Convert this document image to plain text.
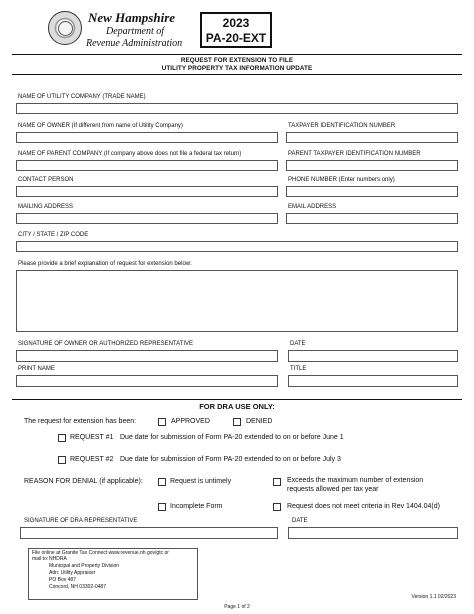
New Hampshire
Department of
Revenue Administration
2023
PA-20-EXT
REQUEST FOR EXTENSION TO FILE
UTILITY PROPERTY TAX INFORMATION UPDATE
NAME OF UTILITY COMPANY (TRADE NAME)
NAME OF OWNER (If different from name of Utility Company)	TAXPAYER IDENTIFICATION NUMBER
NAME OF PARENT COMPANY (If company above does not file a federal tax return)	PARENT TAXPAYER IDENTIFICATION NUMBER
CONTACT PERSON	PHONE NUMBER (Enter numbers only)
MAILING ADDRESS	EMAIL ADDRESS
CITY / STATE / ZIP CODE
Please provide a brief explanation of request for extension below:
SIGNATURE OF OWNER OR AUTHORIZED REPRESENTATIVE	DATE
PRINT NAME	TITLE
FOR DRA USE ONLY:
The request for extension has been:	APPROVED	DENIED
REQUEST #1 Due date for submission of Form PA-20 extended to on or before June 1
REQUEST #2 Due date for submission of Form PA-20 extended to on or before July 3
REASON FOR DENIAL (if applicable):	Request is untimely	Exceeds the maximum number of extension
requests allowed per tax year
Incomplete Form	Request does not meet criteria in Rev 1404.04(d)
SIGNATURE OF DRA REPRESENTATIVE	DATE
File online at Granite Tax Connect www.revenue.nh.gov/gtc or
mail to: NHDRA
Municipal and Property Division
Attn: Utility Appraiser
PO Box 487
Concord, NH 03302-0487
Page 1 of 2
Version 1.1 02/2023
